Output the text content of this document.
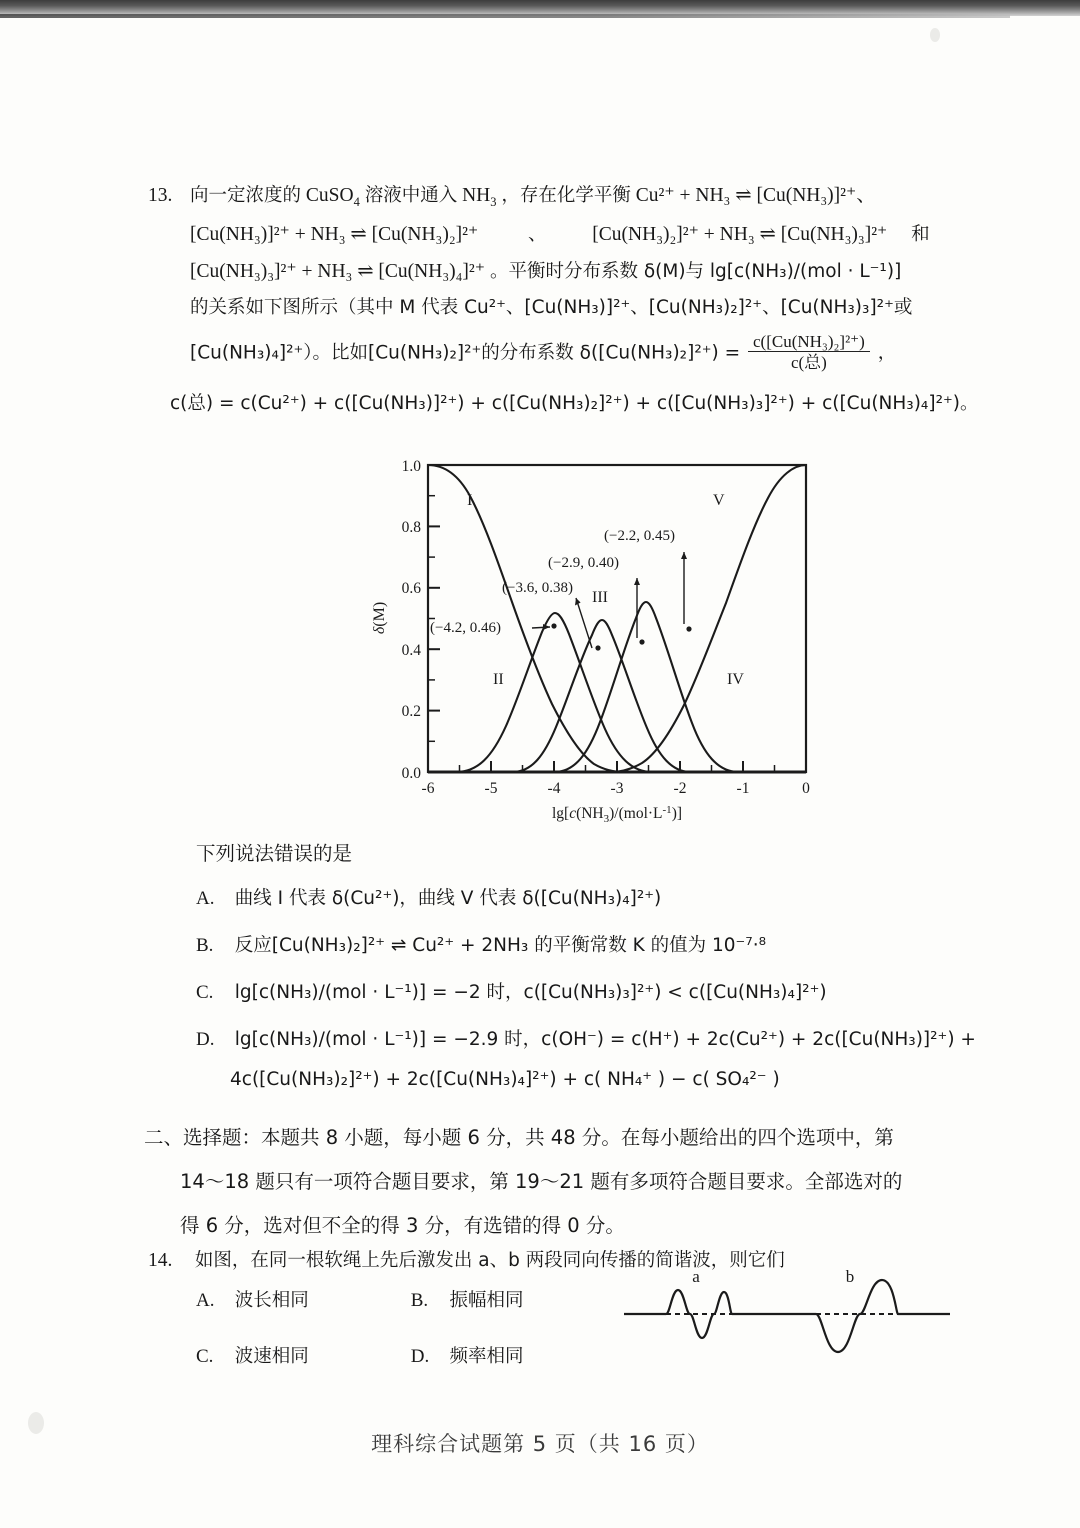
13. 向一定浓度的 CuSO$_4$ 溶液中通入 $NH_3$ ，存在化学平衡 Cu²⁺ + NH₃ ⇌ [Cu(NH₃)]²⁺、
[Cu(NH₃)]²⁺ + NH₃ ⇌ [Cu(NH₃)₂]²⁺	、 [Cu(NH₃)₂]²⁺ + NH₃ ⇌ [Cu(NH₃)₃]²⁺ 和
[Cu(NH₃)₃]²⁺ + NH₃ ⇌ [Cu(NH₃)₄]²⁺ 。平衡时分布系数 δ(M)与 lg[c(NH₃)/(mol · L⁻¹)]
的关系如下图所示（其中 M 代表 Cu²⁺、[Cu(NH₃)]²⁺、[Cu(NH₃)₂]²⁺、[Cu(NH₃)₃]²⁺或
[Cu(NH₃)₄]²⁺）。比如[Cu(NH₃)₂]²⁺的分布系数 $\delta([Cu(NH_3)_2]^{2+}) = \frac{\text{c([Cu(NH₃)₂]²⁺)}}{\text{c(总)}}$ ，
c(总) = c(Cu²⁺) + c([Cu(NH₃)]²⁺) + c([Cu(NH₃)₂]²⁺) + c([Cu(NH₃)₃]²⁺) + c([Cu(NH₃)₄]²⁺)。
1.0
0.8
0.6
0.4
0.2
0.0
-6	-5	-4	-3	-2	-1	0
δ(M)
$\lg[c(NH_3)/(mol\cdot L^{-1})]$
I
II
III
IV
V
(−4.2, 0.46)
(−3.6, 0.38)
(−2.9, 0.40)
(−2.2, 0.45)
下列说法错误的是
A. 曲线 I 代表 δ(Cu²⁺)，曲线 V 代表 δ([Cu(NH₃)₄]²⁺)
B. 反应[Cu(NH₃)₂]²⁺ ⇌ Cu²⁺ + 2NH₃ 的平衡常数 K 的值为 10⁻⁷·⁸
C. lg[c(NH₃)/(mol · L⁻¹)] = −2 时，c([Cu(NH₃)₃]²⁺) < c([Cu(NH₃)₄]²⁺)
D. lg[c(NH₃)/(mol · L⁻¹)] = −2.9 时，c(OH⁻) = c(H⁺) + 2c(Cu²⁺) + 2c([Cu(NH₃)]²⁺) +
4c([Cu(NH₃)₂]²⁺) + 2c([Cu(NH₃)₄]²⁺) + c( NH₄⁺ ) − c( SO₄²⁻ )
二、选择题：本题共 8 小题，每小题 6 分，共 48 分。在每小题给出的四个选项中，第
14～18 题只有一项符合题目要求，第 19～21 题有多项符合题目要求。全部选对的
得 6 分，选对但不全的得 3 分，有选错的得 0 分。
14. 如图，在同一根软绳上先后激发出 a、b 两段同向传播的简谐波，则它们
A. 波长相同	B. 振幅相同
C. 波速相同	D. 频率相同
a	b
理科综合试题第 5 页（共 16 页）
